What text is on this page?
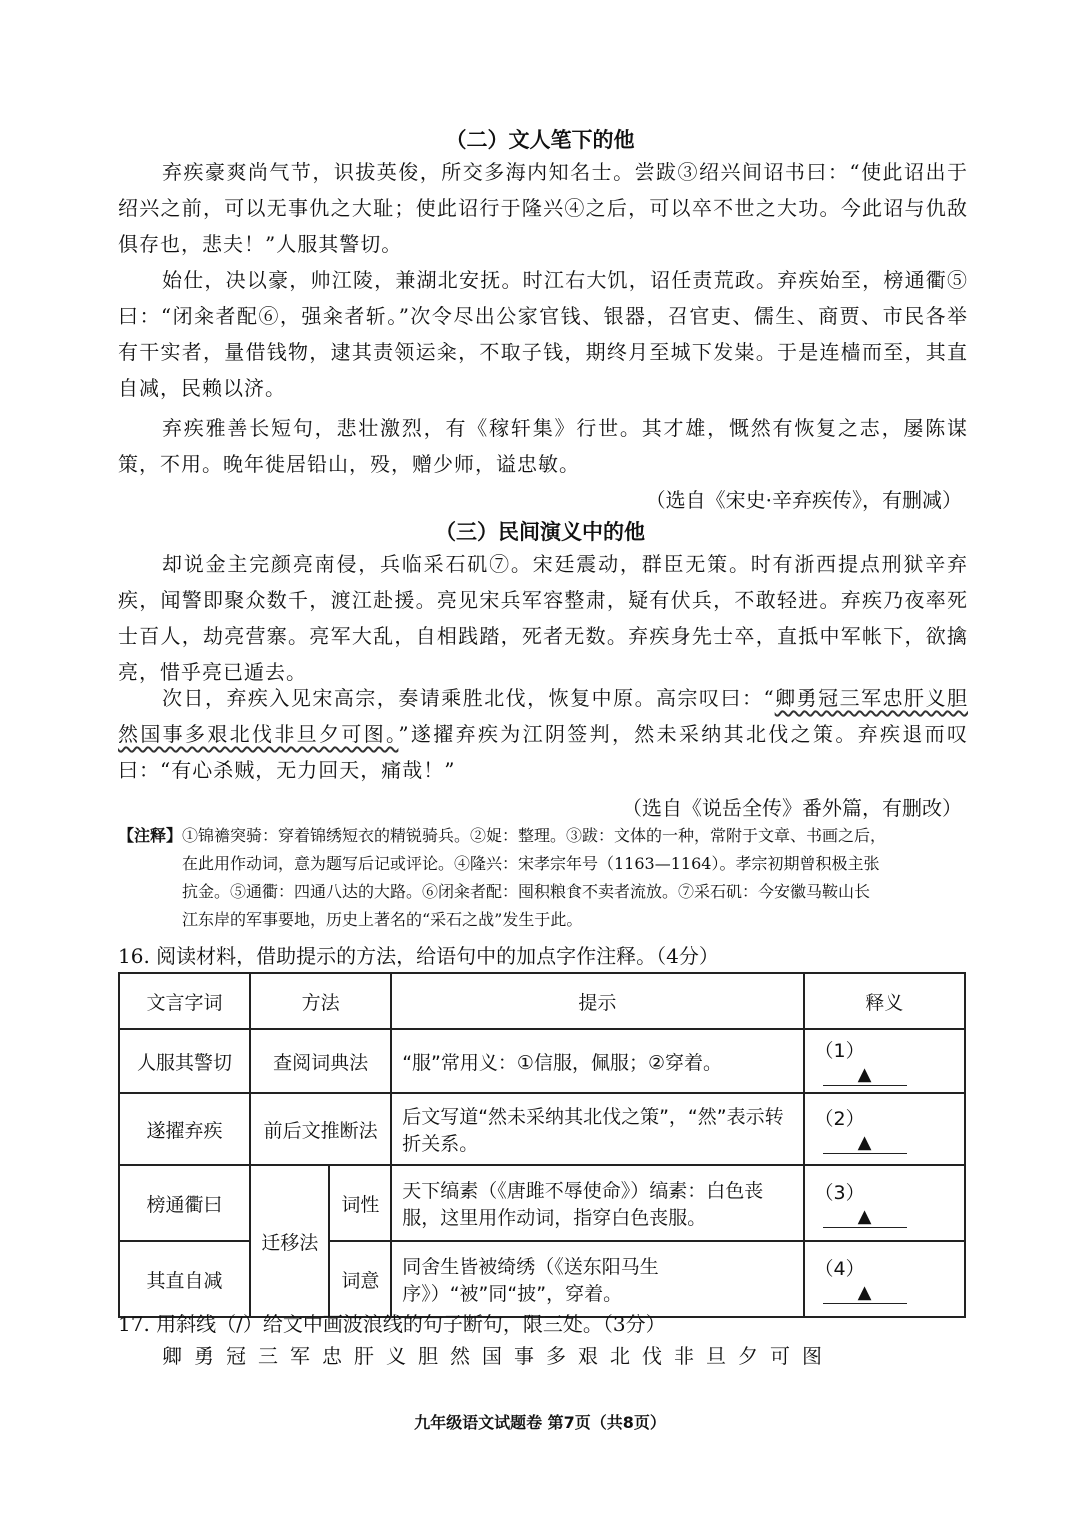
（二）文人笔下的他
弃疾豪爽尚气节，识拔英俊，所交多海内知名士。尝跋③绍兴间诏书曰：“使此诏出于绍兴之前，可以无事仇之大耻；使此诏行于隆兴④之后，可以卒不世之大功。今此诏与仇敌俱存也，悲夫！”人服其警切。
始仕，决以豪，帅江陵，兼湖北安抚。时江右大饥，诏任责荒政。弃疾始至，榜通衢⑤曰：“闭籴者配⑥，强籴者斩。”次令尽出公家官钱、银器，召官吏、儒生、商贾、市民各举有干实者，量借钱物，逮其责领运籴，不取子钱，期终月至城下发粜。于是连樯而至，其直自减，民赖以济。
弃疾雅善长短句，悲壮激烈，有《稼轩集》行世。其才雄，慨然有恢复之志，屡陈谋策，不用。晚年徙居铅山，殁，赠少师，谥忠敏。
（选自《宋史·辛弃疾传》，有删减）
（三）民间演义中的他
却说金主完颜亮南侵，兵临采石矶⑦。宋廷震动，群臣无策。时有浙西提点刑狱辛弃疾，闻警即聚众数千，渡江赴援。亮见宋兵军容整肃，疑有伏兵，不敢轻进。弃疾乃夜率死士百人，劫亮营寨。亮军大乱，自相践踏，死者无数。弃疾身先士卒，直抵中军帐下，欲擒亮，惜乎亮已遁去。
次日，弃疾入见宋高宗，奏请乘胜北伐，恢复中原。高宗叹曰：“卿勇冠三军忠肝义胆然国事多艰北伐非旦夕可图。”遂擢弃疾为江阴签判，然未采纳其北伐之策。弃疾退而叹曰：“有心杀贼，无力回天，痛哉！”
（选自《说岳全传》番外篇，有删改）
【注释】①锦襜突骑：穿着锦绣短衣的精锐骑兵。②娖：整理。③跋：文体的一种，常附于文章、书画之后，
在此用作动词，意为题写后记或评论。④隆兴：宋孝宗年号（1163—1164）。孝宗初期曾积极主张
抗金。⑤通衢：四通八达的大路。⑥闭籴者配：囤积粮食不卖者流放。⑦采石矶：今安徽马鞍山长
江东岸的军事要地，历史上著名的“采石之战”发生于此。
16. 阅读材料，借助提示的方法，给语句中的加点字作注释。（4分）
文言字词	方法		提示	释义
人服其警切	查阅词典法		“服”常用义：①信服，佩服；②穿着。	（1）▲
遂擢弃疾	前后文推断法		后文写道“然未采纳其北伐之策”，“然”表示转折关系。	（2）▲
榜通衢曰	迁移法	词性	天下缟素（《唐雎不辱使命》）缟素：白色丧服，这里用作动词，指穿白色丧服。	（3）▲
其直自减		词意	同舍生皆被绮绣（《送东阳马生序》）“被”同“披”，穿着。	（4）▲
17. 用斜线（/）给文中画波浪线的句子断句，限三处。（3分）
卿勇冠三军忠肝义胆然国事多艰北伐非旦夕可图
九年级语文试题卷 第7页（共8页）
